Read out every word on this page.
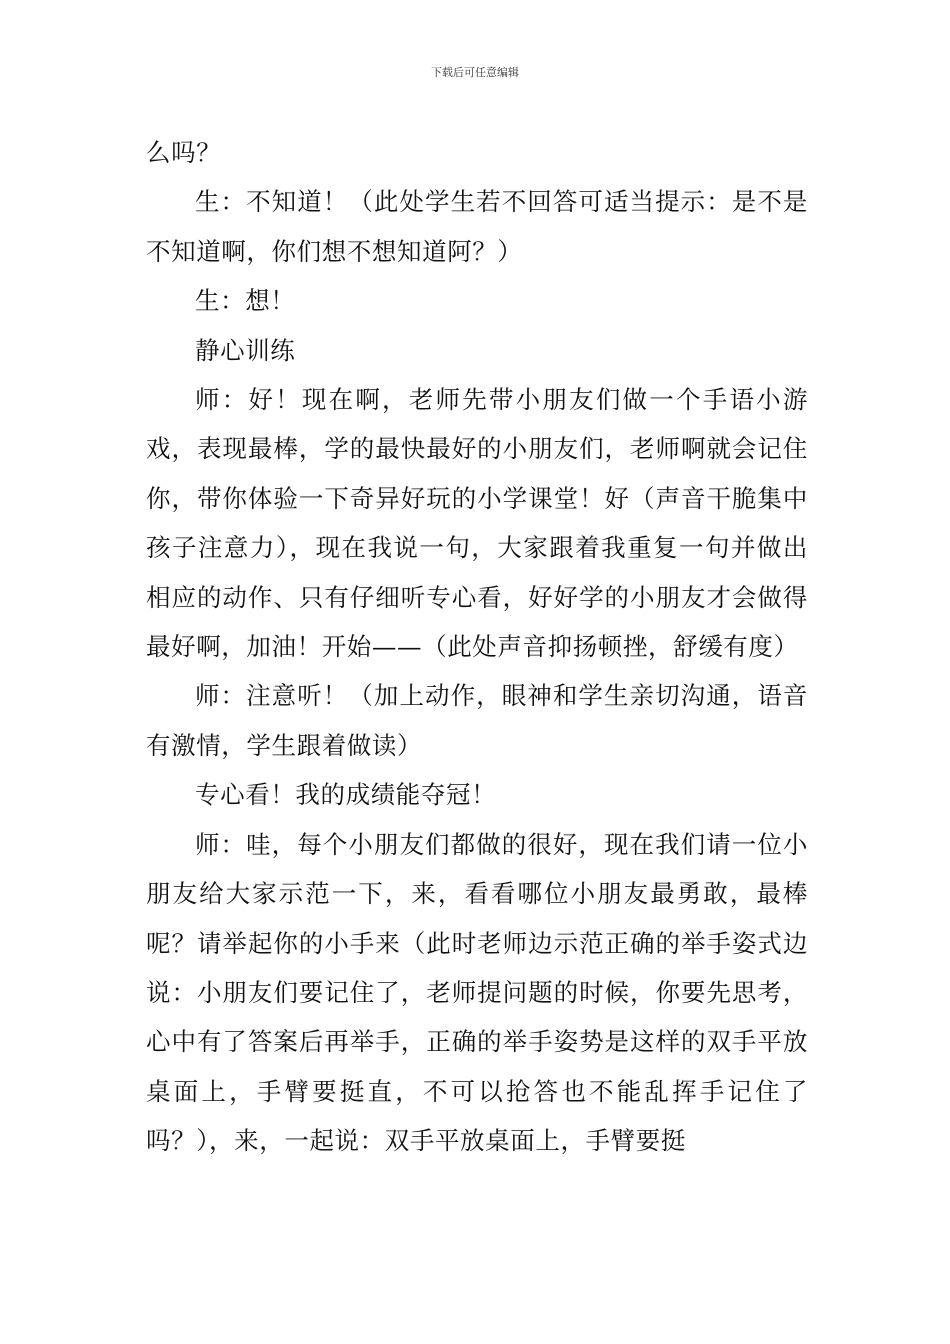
下载后可任意编辑

么吗？

生：不知道！（此处学生若不回答可适当提示：是不是不知道啊，你们想不想知道阿？）

生：想！

静心训练

师：好！现在啊，老师先带小朋友们做一个手语小游戏，表现最棒，学的最快最好的小朋友们，老师啊就会记住你，带你体验一下奇异好玩的小学课堂！好（声音干脆集中孩子注意力），现在我说一句，大家跟着我重复一句并做出相应的动作、只有仔细听专心看，好好学的小朋友才会做得最好啊，加油！开始——（此处声音抑扬顿挫，舒缓有度）

师：注意听！（加上动作，眼神和学生亲切沟通，语音有激情，学生跟着做读）

专心看！我的成绩能夺冠！

师：哇，每个小朋友们都做的很好，现在我们请一位小朋友给大家示范一下，来，看看哪位小朋友最勇敢，最棒呢？请举起你的小手来（此时老师边示范正确的举手姿式边说：小朋友们要记住了，老师提问题的时候，你要先思考，心中有了答案后再举手，正确的举手姿势是这样的双手平放桌面上，手臂要挺直，不可以抢答也不能乱挥手记住了吗？），来，一起说：双手平放桌面上，手臂要挺
